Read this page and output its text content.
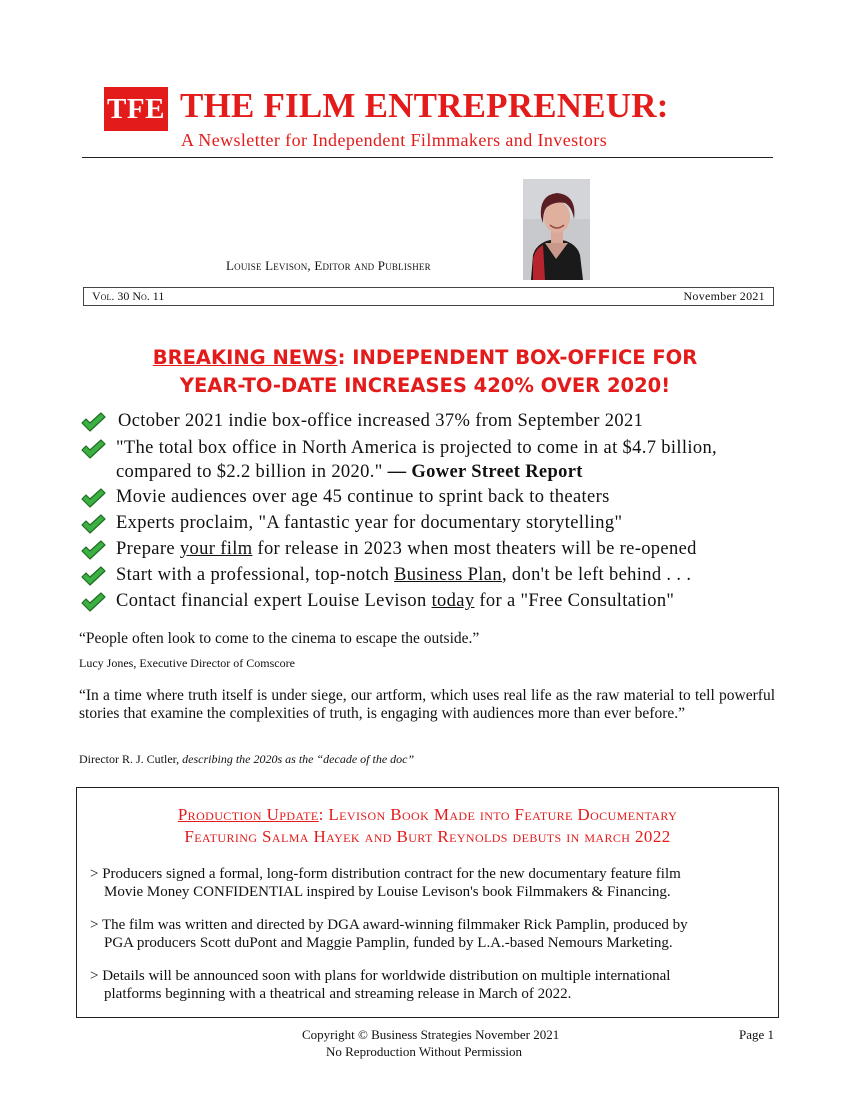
TFE THE FILM ENTREPRENEUR:
A Newsletter for Independent Filmmakers and Investors
Louise Levison, Editor and Publisher
Vol. 30 No. 11	November 2021
BREAKING NEWS: INDEPENDENT BOX-OFFICE FOR
YEAR-TO-DATE INCREASES 420% OVER 2020!
October 2021 indie box-office increased 37% from September 2021
"The total box office in North America is projected to come in at $4.7 billion,
compared to $2.2 billion in 2020." — Gower Street Report
Movie audiences over age 45 continue to sprint back to theaters
Experts proclaim, "A fantastic year for documentary storytelling"
Prepare your film for release in 2023 when most theaters will be re-opened
Start with a professional, top-notch Business Plan, don't be left behind . . .
Contact financial expert Louise Levison today for a "Free Consultation"
“People often look to come to the cinema to escape the outside.”
Lucy Jones, Executive Director of Comscore
“In a time where truth itself is under siege, our artform, which uses real life as the raw material to tell powerful stories that examine the complexities of truth, is engaging with audiences more than ever before.”
Director R. J. Cutler, describing the 2020s as the “decade of the doc”
Production Update: Levison Book Made into Feature Documentary
Featuring Salma Hayek and Burt Reynolds debuts in march 2022
> Producers signed a formal, long-form distribution contract for the new documentary feature film
Movie Money CONFIDENTIAL inspired by Louise Levison's book Filmmakers & Financing.
> The film was written and directed by DGA award-winning filmmaker Rick Pamplin, produced by
PGA producers Scott duPont and Maggie Pamplin, funded by L.A.-based Nemours Marketing.
> Details will be announced soon with plans for worldwide distribution on multiple international
platforms beginning with a theatrical and streaming release in March of 2022.
Copyright © Business Strategies November 2021
No Reproduction Without Permission
Page 1
